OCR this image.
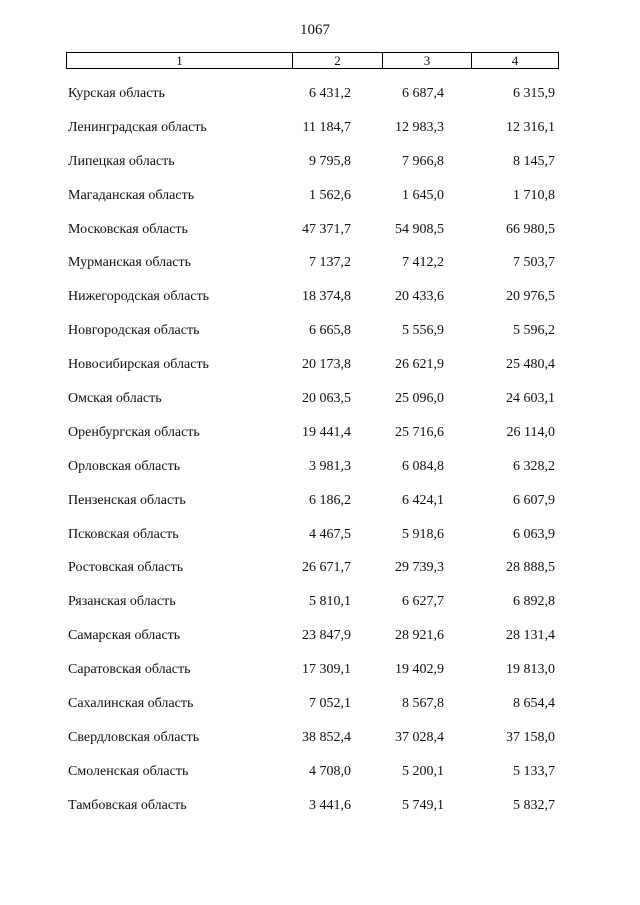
1067
1	2	3	4
Курская область	6 431,2	6 687,4	6 315,9
Ленинградская область	11 184,7	12 983,3	12 316,1
Липецкая область	9 795,8	7 966,8	8 145,7
Магаданская область	1 562,6	1 645,0	1 710,8
Московская область	47 371,7	54 908,5	66 980,5
Мурманская область	7 137,2	7 412,2	7 503,7
Нижегородская область	18 374,8	20 433,6	20 976,5
Новгородская область	6 665,8	5 556,9	5 596,2
Новосибирская область	20 173,8	26 621,9	25 480,4
Омская область	20 063,5	25 096,0	24 603,1
Оренбургская область	19 441,4	25 716,6	26 114,0
Орловская область	3 981,3	6 084,8	6 328,2
Пензенская область	6 186,2	6 424,1	6 607,9
Псковская область	4 467,5	5 918,6	6 063,9
Ростовская область	26 671,7	29 739,3	28 888,5
Рязанская область	5 810,1	6 627,7	6 892,8
Самарская область	23 847,9	28 921,6	28 131,4
Саратовская область	17 309,1	19 402,9	19 813,0
Сахалинская область	7 052,1	8 567,8	8 654,4
Свердловская область	38 852,4	37 028,4	37 158,0
Смоленская область	4 708,0	5 200,1	5 133,7
Тамбовская область	3 441,6	5 749,1	5 832,7
